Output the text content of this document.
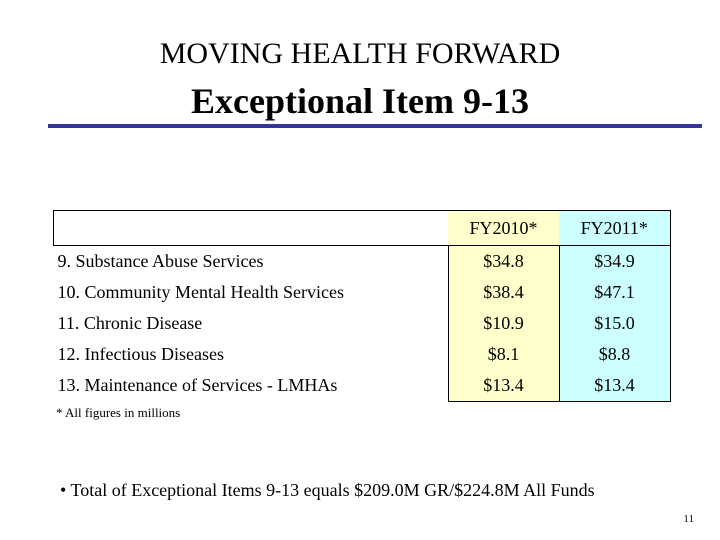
MOVING HEALTH FORWARD
Exceptional Item 9-13
	FY2010*	FY2011*
9. Substance Abuse Services	$34.8	$34.9
10. Community Mental Health Services	$38.4	$47.1
11. Chronic Disease	$10.9	$15.0
12. Infectious Diseases	$8.1	$8.8
13. Maintenance of Services - LMHAs	$13.4	$13.4
* All figures in millions
• Total of Exceptional Items 9-13 equals $209.0M GR/$224.8M All Funds
11
